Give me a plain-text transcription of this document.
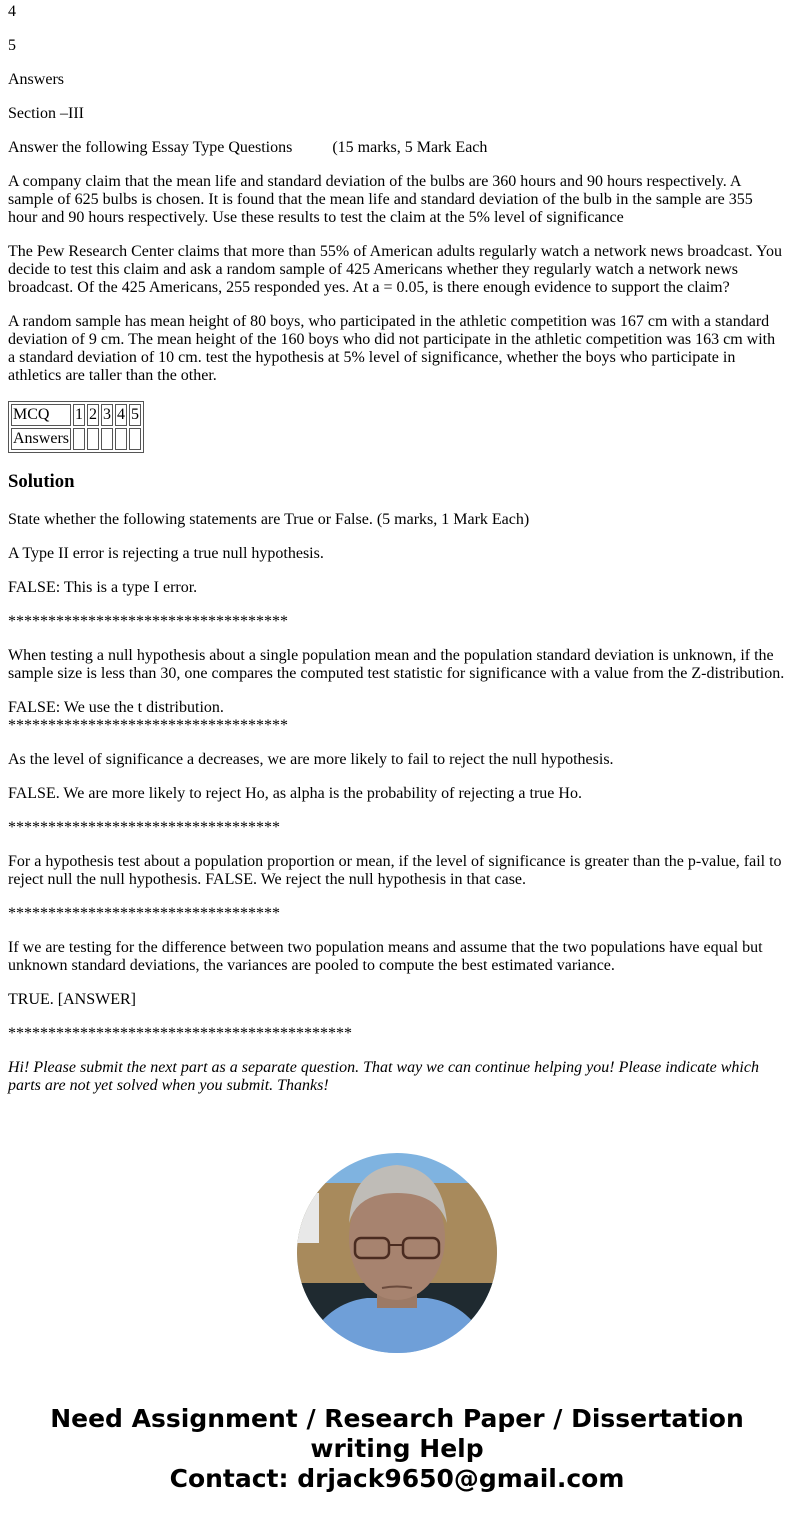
4

5

Answers

Section –III

Answer the following Essay Type Questions          (15 marks, 5 Mark Each

A company claim that the mean life and standard deviation of the bulbs are 360 hours and 90 hours respectively. A sample of 625 bulbs is chosen. It is found that the mean life and standard deviation of the bulb in the sample are 355 hour and 90 hours respectively. Use these results to test the claim at the 5% level of significance

The Pew Research Center claims that more than 55% of American adults regularly watch a network news broadcast. You decide to test this claim and ask a random sample of 425 Americans whether they regularly watch a network news broadcast. Of the 425 Americans, 255 responded yes. At a = 0.05, is there enough evidence to support the claim?

A random sample has mean height of 80 boys, who participated in the athletic competition was 167 cm with a standard deviation of 9 cm. The mean height of the 160 boys who did not participate in the athletic competition was 163 cm with a standard deviation of 10 cm. test the hypothesis at 5% level of significance, whether the boys who participate in athletics are taller than the other.

MCQ	1	2	3	4	5
Answers					
Solution

State whether the following statements are True or False. (5 marks, 1 Mark Each)

A Type II error is rejecting a true null hypothesis.

FALSE: This is a type I error.

***********************************

When testing a null hypothesis about a single population mean and the population standard deviation is unknown, if the sample size is less than 30, one compares the computed test statistic for significance with a value from the Z-distribution.

FALSE: We use the t distribution.
***********************************

As the level of significance a decreases, we are more likely to fail to reject the null hypothesis.

FALSE. We are more likely to reject Ho, as alpha is the probability of rejecting a true Ho.

**********************************

For a hypothesis test about a population proportion or mean, if the level of significance is greater than the p-value, fail to reject null the null hypothesis. FALSE. We reject the null hypothesis in that case.

**********************************

If we are testing for the difference between two population means and assume that the two populations have equal but unknown standard deviations, the variances are pooled to compute the best estimated variance.

TRUE. [ANSWER]

*******************************************

Hi! Please submit the next part as a separate question. That way we can continue helping you! Please indicate which parts are not yet solved when you submit. Thanks!

Need Assignment / Research Paper / Dissertation writing Help
Contact: drjack9650@gmail.com
